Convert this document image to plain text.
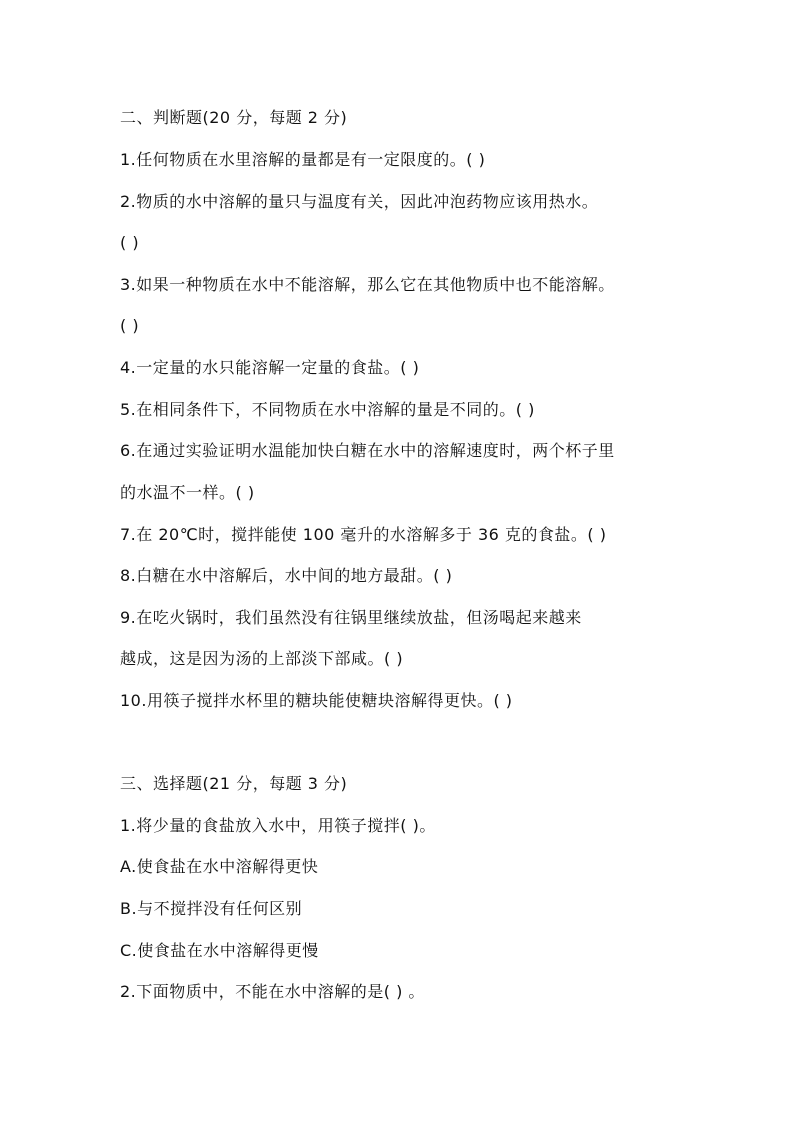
二、判断题(20 分，每题 2 分)
1.任何物质在水里溶解的量都是有一定限度的。( )
2.物质的水中溶解的量只与温度有关，因此冲泡药物应该用热水。
( )
3.如果一种物质在水中不能溶解，那么它在其他物质中也不能溶解。
( )
4.一定量的水只能溶解一定量的食盐。( )
5.在相同条件下，不同物质在水中溶解的量是不同的。( )
6.在通过实验证明水温能加快白糖在水中的溶解速度时，两个杯子里
的水温不一样。( )
7.在 20℃时，搅拌能使 100 毫升的水溶解多于 36 克的食盐。( )
8.白糖在水中溶解后，水中间的地方最甜。( )
9.在吃火锅时，我们虽然没有往锅里继续放盐，但汤喝起来越来
越成，这是因为汤的上部淡下部咸。( )
10.用筷子搅拌水杯里的糖块能使糖块溶解得更快。( )
三、选择题(21 分，每题 3 分)
1.将少量的食盐放入水中，用筷子搅拌( )。
A.使食盐在水中溶解得更快
B.与不搅拌没有任何区别
C.使食盐在水中溶解得更慢
2.下面物质中，不能在水中溶解的是( ) 。
